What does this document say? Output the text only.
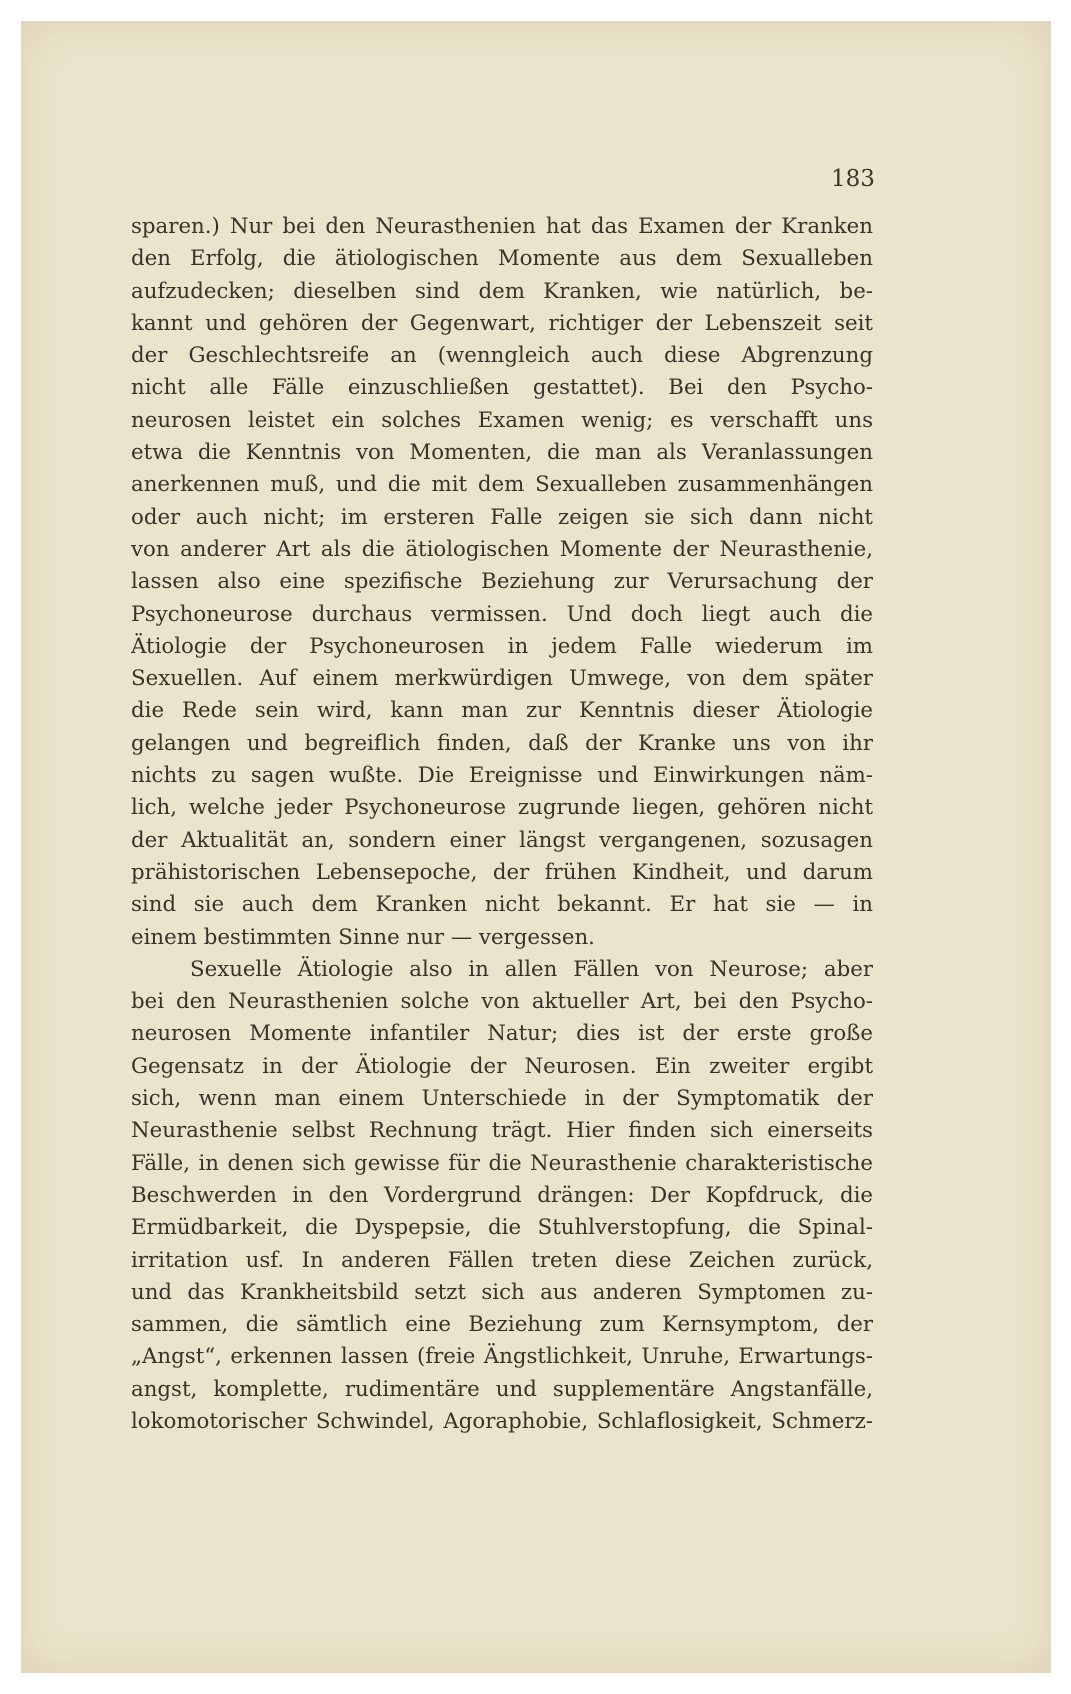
183
sparen.) Nur bei den Neurasthenien hat das Examen der Kranken
den Erfolg, die ätiologischen Momente aus dem Sexualleben
aufzudecken; dieselben sind dem Kranken, wie natürlich, be-
kannt und gehören der Gegenwart, richtiger der Lebenszeit seit
der Geschlechtsreife an (wenngleich auch diese Abgrenzung
nicht alle Fälle einzuschließen gestattet). Bei den Psycho-
neurosen leistet ein solches Examen wenig; es verschafft uns
etwa die Kenntnis von Momenten, die man als Veranlassungen
anerkennen muß, und die mit dem Sexualleben zusammenhängen
oder auch nicht; im ersteren Falle zeigen sie sich dann nicht
von anderer Art als die ätiologischen Momente der Neurasthenie,
lassen also eine spezifische Beziehung zur Verursachung der
Psychoneurose durchaus vermissen. Und doch liegt auch die
Ätiologie der Psychoneurosen in jedem Falle wiederum im
Sexuellen. Auf einem merkwürdigen Umwege, von dem später
die Rede sein wird, kann man zur Kenntnis dieser Ätiologie
gelangen und begreiflich finden, daß der Kranke uns von ihr
nichts zu sagen wußte. Die Ereignisse und Einwirkungen näm-
lich, welche jeder Psychoneurose zugrunde liegen, gehören nicht
der Aktualität an, sondern einer längst vergangenen, sozusagen
prähistorischen Lebensepoche, der frühen Kindheit, und darum
sind sie auch dem Kranken nicht bekannt. Er hat sie — in
einem bestimmten Sinne nur — vergessen.
Sexuelle Ätiologie also in allen Fällen von Neurose; aber
bei den Neurasthenien solche von aktueller Art, bei den Psycho-
neurosen Momente infantiler Natur; dies ist der erste große
Gegensatz in der Ätiologie der Neurosen. Ein zweiter ergibt
sich, wenn man einem Unterschiede in der Symptomatik der
Neurasthenie selbst Rechnung trägt. Hier finden sich einerseits
Fälle, in denen sich gewisse für die Neurasthenie charakteristische
Beschwerden in den Vordergrund drängen: Der Kopfdruck, die
Ermüdbarkeit, die Dyspepsie, die Stuhlverstopfung, die Spinal-
irritation usf. In anderen Fällen treten diese Zeichen zurück,
und das Krankheitsbild setzt sich aus anderen Symptomen zu-
sammen, die sämtlich eine Beziehung zum Kernsymptom, der
„Angst“, erkennen lassen (freie Ängstlichkeit, Unruhe, Erwartungs-
angst, komplette, rudimentäre und supplementäre Angstanfälle,
lokomotorischer Schwindel, Agoraphobie, Schlaflosigkeit, Schmerz-
